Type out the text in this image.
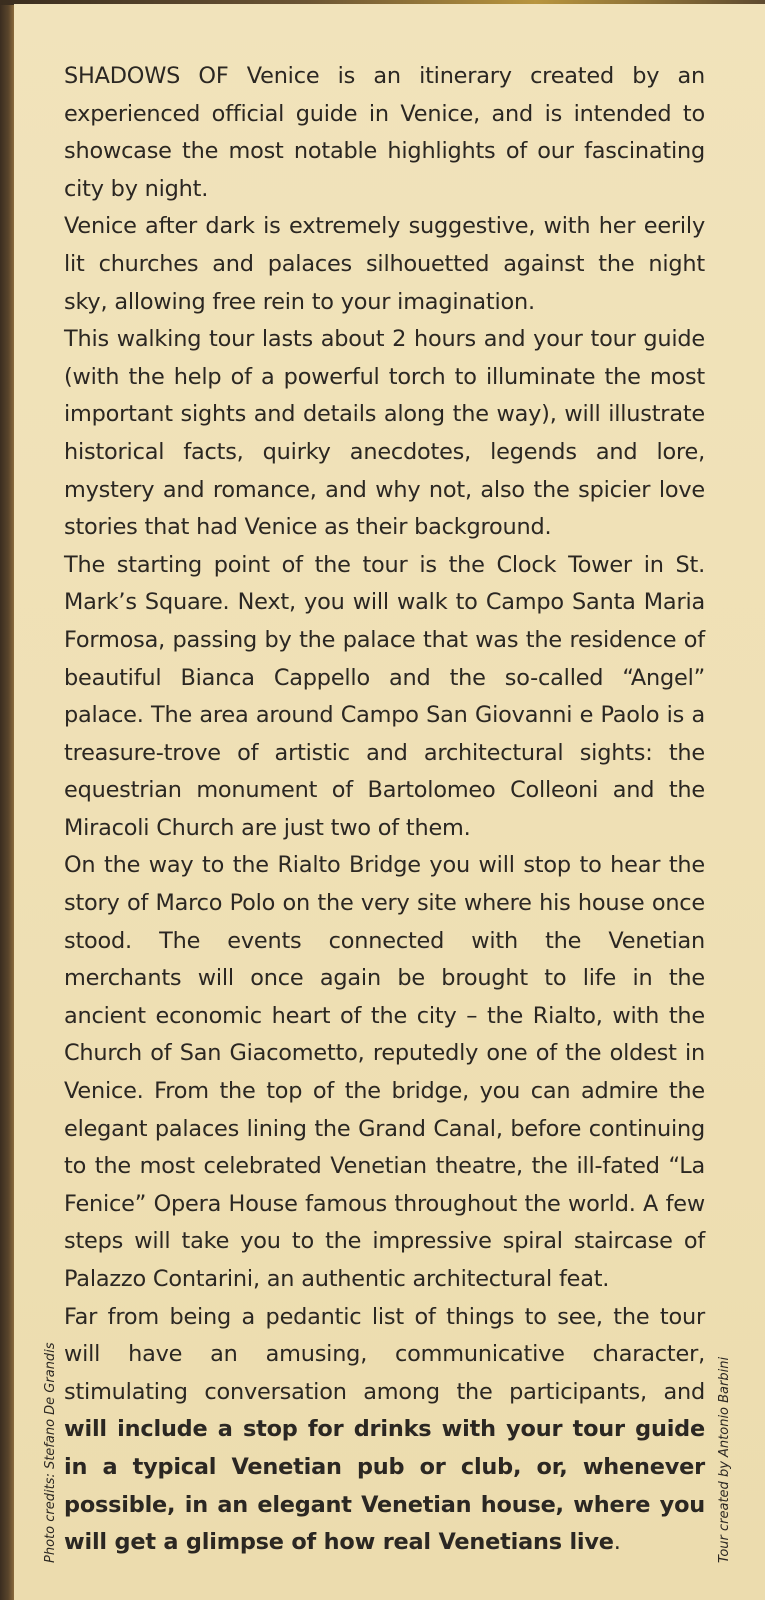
SHADOWS OF Venice is an itinerary created by an experienced official guide in Venice, and is intended to showcase the most notable highlights of our fascinating city by night.

Venice after dark is extremely suggestive, with her eerily lit churches and palaces silhouetted against the night sky, allowing free rein to your imagination.

This walking tour lasts about 2 hours and your tour guide (with the help of a powerful torch to illuminate the most important sights and details along the way), will illustrate historical facts, quirky anecdotes, legends and lore, mystery and romance, and why not, also the spicier love stories that had Venice as their background.

The starting point of the tour is the Clock Tower in St. Mark’s Square. Next, you will walk to Campo Santa Maria Formosa, passing by the palace that was the residence of beautiful Bianca Cappello and the so-called “Angel” palace. The area around Campo San Giovanni e Paolo is a treasure-trove of artistic and architectural sights: the equestrian monument of Bartolomeo Colleoni and the Miracoli Church are just two of them.

On the way to the Rialto Bridge you will stop to hear the story of Marco Polo on the very site where his house once stood. The events connected with the Venetian merchants will once again be brought to life in the ancient economic heart of the city – the Rialto, with the Church of San Giacometto, reputedly one of the oldest in Venice. From the top of the bridge, you can admire the elegant palaces lining the Grand Canal, before continuing to the most celebrated Venetian theatre, the ill-fated “La Fenice” Opera House famous throughout the world. A few steps will take you to the impressive spiral staircase of Palazzo Contarini, an authentic architectural feat.

Far from being a pedantic list of things to see, the tour will have an amusing, communicative character, stimulating conversation among the participants, and will include a stop for drinks with your tour guide in a typical Venetian pub or club, or, whenever possible, in an elegant Venetian house, where you will get a glimpse of how real Venetians live.

Photo credits: Stefano De Grandis	Tour created by Antonio Barbini
